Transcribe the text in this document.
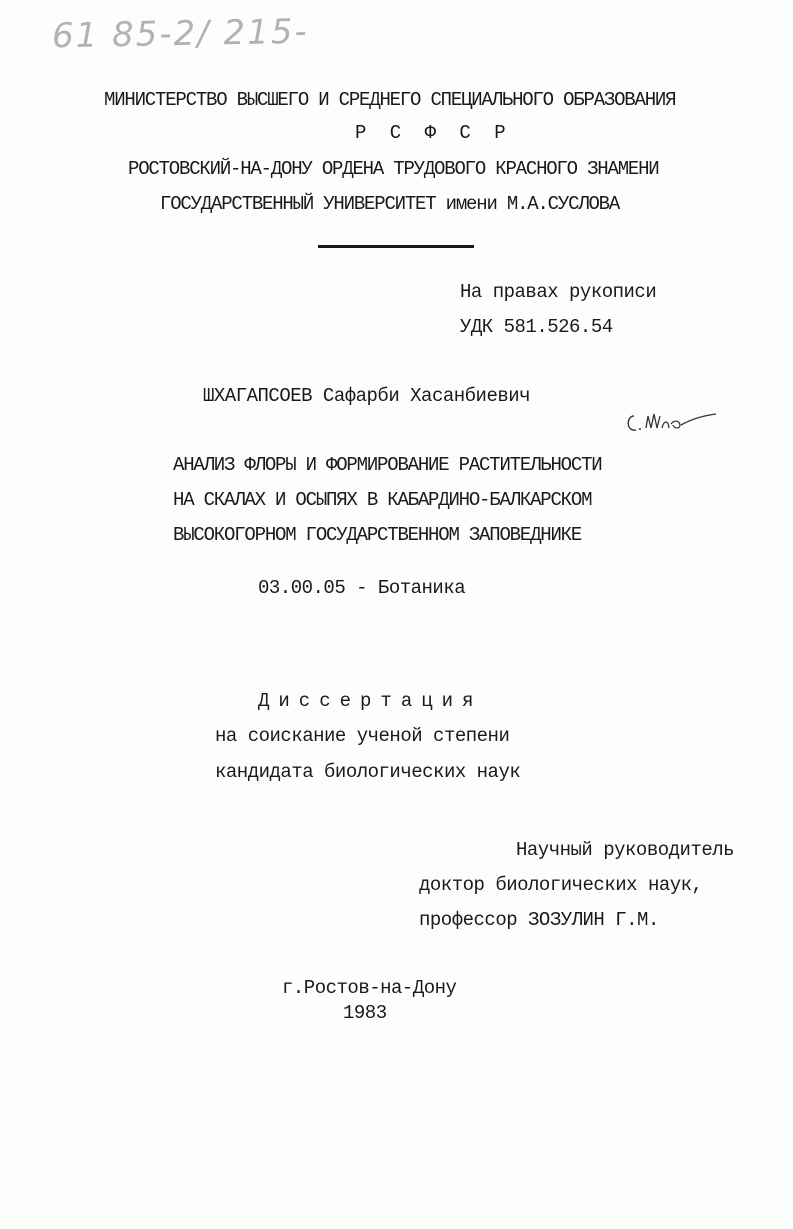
61 85-2/ 215-
МИНИСТЕРСТВО ВЫСШЕГО И СРЕДНЕГО СПЕЦИАЛЬНОГО ОБРАЗОВАНИЯ
Р С Ф С Р
РОСТОВСКИЙ-НА-ДОНУ ОРДЕНА ТРУДОВОГО КРАСНОГО ЗНАМЕНИ
ГОСУДАРСТВЕННЫЙ УНИВЕРСИТЕТ имени М.А.СУСЛОВА
На правах рукописи
УДК 581.526.54
ШХАГАПСОЕВ Сафарби Хасанбиевич
АНАЛИЗ ФЛОРЫ И ФОРМИРОВАНИЕ РАСТИТЕЛЬНОСТИ
НА СКАЛАХ И ОСЫПЯХ В КАБАРДИНО-БАЛКАРСКОМ
ВЫСОКОГОРНОМ ГОСУДАРСТВЕННОМ ЗАПОВЕДНИКЕ
03.00.05 - Ботаника
Диссертация
на соискание ученой степени
кандидата биологических наук
Научный руководитель
доктор биологических наук,
профессор ЗОЗУЛИН Г.М.
г.Ростов-на-Дону
1983
